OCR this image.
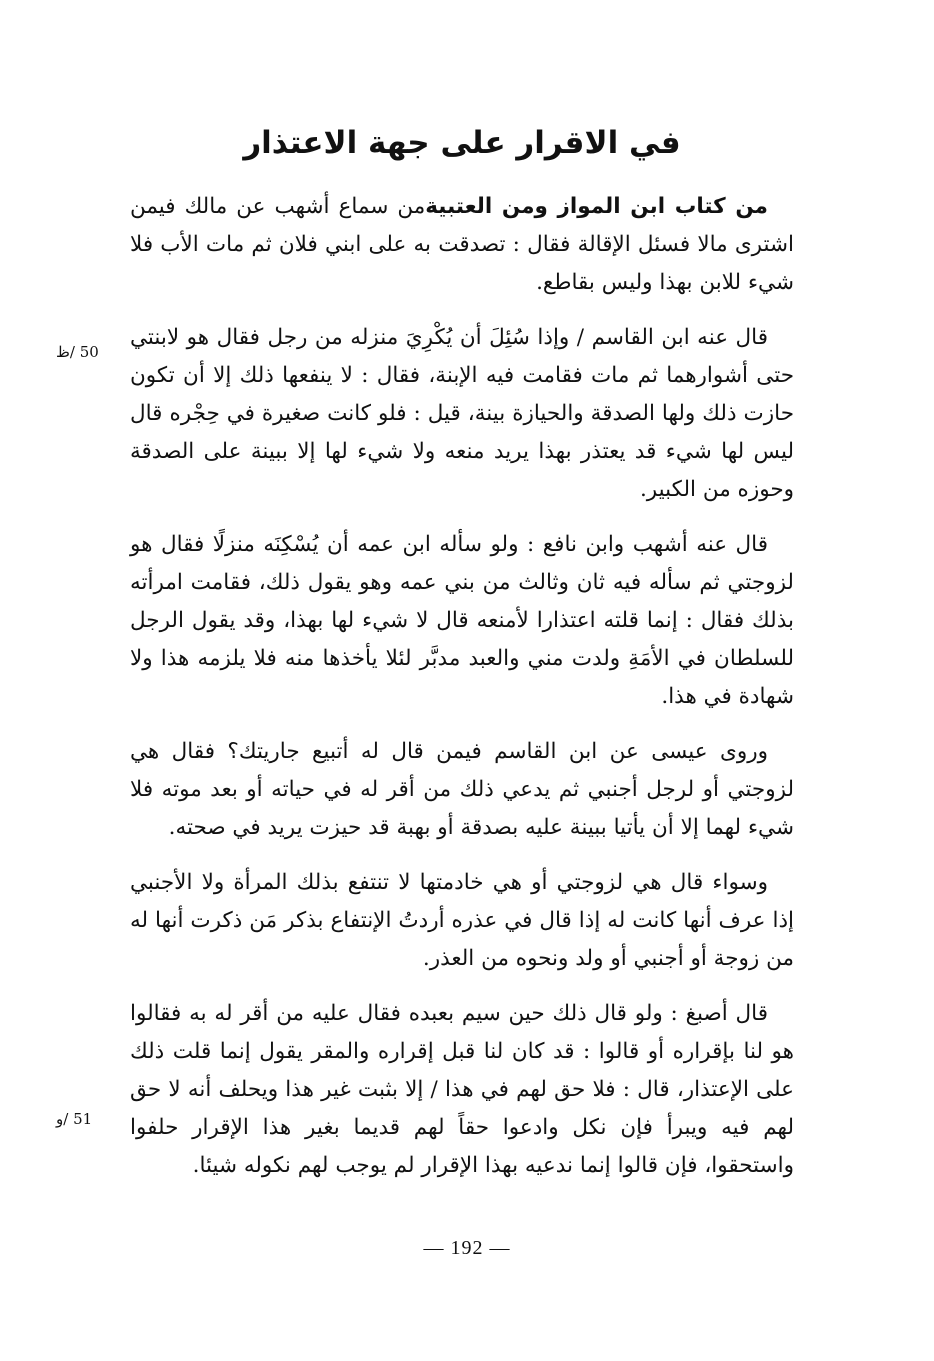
في الاقرار على جهة الاعتذار

من كتاب ابن المواز ومن العتبيةمن سماع أشهب عن مالك فيمن اشترى مالا فسئل الإقالة فقال : تصدقت به على ابني فلان ثم مات الأب فلا شيء للابن بهذا وليس بقاطع.

قال عنه ابن القاسم / وإذا سُئِلَ أن يُكْرِيَ منزله من رجل فقال هو لابنتي حتى أشوارهما ثم مات فقامت فيه الإبنة، فقال : لا ينفعها ذلك إلا أن تكون حازت ذلك ولها الصدقة والحيازة بينة، قيل : فلو كانت صغيرة في حِجْره قال ليس لها شيء قد يعتذر بهذا يريد منعه ولا شيء لها إلا ببينة على الصدقة وحوزه من الكبير.

قال عنه أشهب وابن نافع : ولو سأله ابن عمه أن يُسْكِنَه منزلًا فقال هو لزوجتي ثم سأله فيه ثان وثالث من بني عمه وهو يقول ذلك، فقامت امرأته بذلك فقال : إنما قلته اعتذارا لأمنعه قال لا شيء لها بهذا، وقد يقول الرجل للسلطان في الأمَةِ ولدت مني والعبد مدبَّر لئلا يأخذها منه فلا يلزمه هذا ولا شهادة في هذا.

وروى عيسى عن ابن القاسم فيمن قال له أتبيع جاريتك؟ فقال هي لزوجتي أو لرجل أجنبي ثم يدعي ذلك من أقر له في حياته أو بعد موته فلا شيء لهما إلا أن يأتيا ببينة عليه بصدقة أو بهبة قد حيزت يريد في صحته.

وسواء قال هي لزوجتي أو هي خادمتها لا تنتفع بذلك المرأة ولا الأجنبي إذا عرف أنها كانت له إذا قال في عذره أردتُ الإنتفاع بذكر مَن ذكرت أنها له من زوجة أو أجنبي أو ولد ونحوه من العذر.

قال أصبغ : ولو قال ذلك حين سيم بعبده فقال عليه من أقر له به فقالوا هو لنا بإقراره أو قالوا : قد كان لنا قبل إقراره والمقر يقول إنما قلت ذلك على الإعتذار، قال : فلا حق لهم في هذا / إلا بثبت غير هذا ويحلف أنه لا حق لهم فيه ويبرأ فإن نكل وادعوا حقاً لهم قديما بغير هذا الإقرار حلفوا واستحقوا، فإن قالوا إنما ندعيه بهذا الإقرار لم يوجب لهم نكوله شيئا.

50 /ظ
51 /و
— 192 —
